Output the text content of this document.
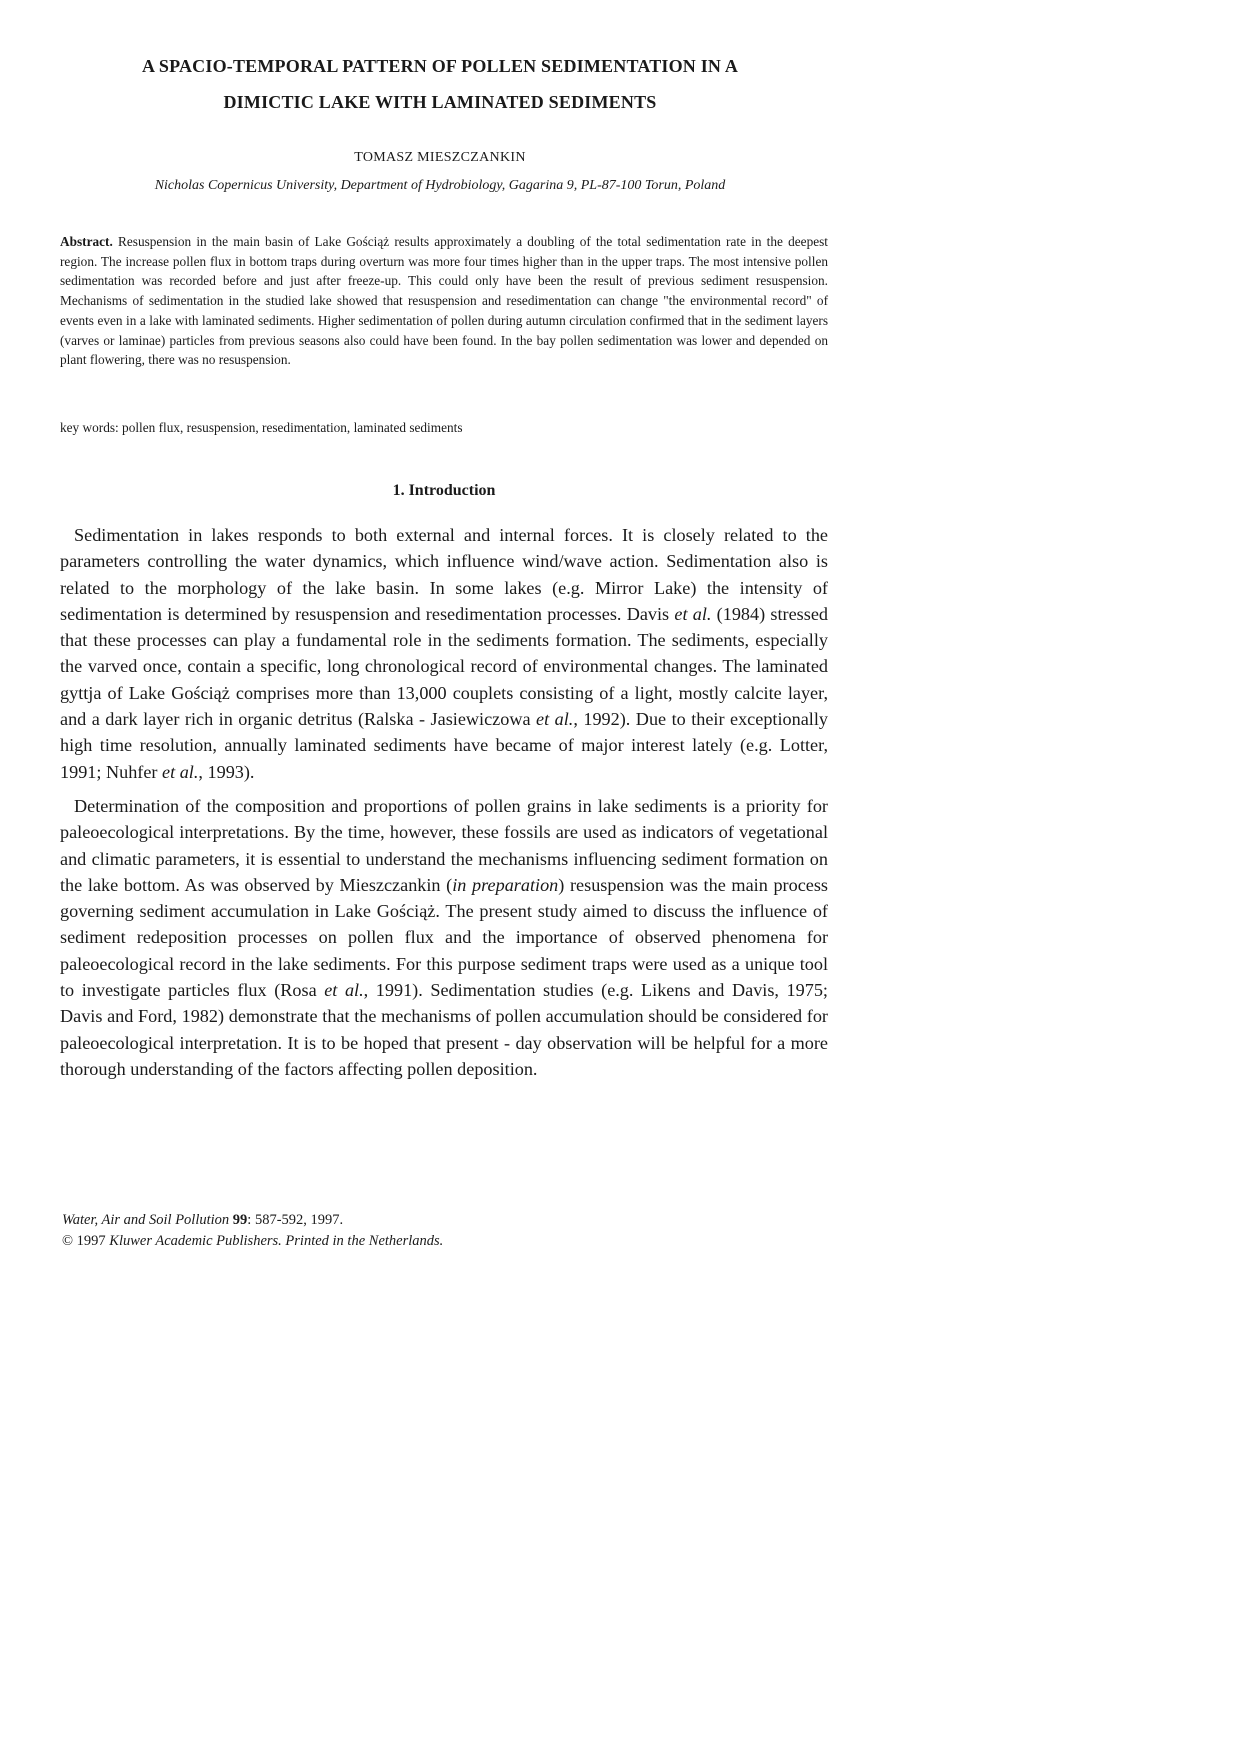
A SPACIO-TEMPORAL PATTERN OF POLLEN SEDIMENTATION IN A
DIMICTIC LAKE WITH LAMINATED SEDIMENTS
TOMASZ MIESZCZANKIN
Nicholas Copernicus University, Department of Hydrobiology, Gagarina 9, PL-87-100 Torun, Poland
Abstract. Resuspension in the main basin of Lake Gościąż results approximately a doubling of the total sedimentation rate in the deepest region. The increase pollen flux in bottom traps during overturn was more four times higher than in the upper traps. The most intensive pollen sedimentation was recorded before and just after freeze-up. This could only have been the result of previous sediment resuspension. Mechanisms of sedimentation in the studied lake showed that resuspension and resedimentation can change "the environmental record" of events even in a lake with laminated sediments. Higher sedimentation of pollen during autumn circulation confirmed that in the sediment layers (varves or laminae) particles from previous seasons also could have been found. In the bay pollen sedimentation was lower and depended on plant flowering, there was no resuspension.
key words: pollen flux, resuspension, resedimentation, laminated sediments
1. Introduction

Sedimentation in lakes responds to both external and internal forces. It is closely related to the parameters controlling the water dynamics, which influence wind/wave action. Sedimentation also is related to the morphology of the lake basin. In some lakes (e.g. Mirror Lake) the intensity of sedimentation is determined by resuspension and resedimentation processes. Davis et al. (1984) stressed that these processes can play a fundamental role in the sediments formation. The sediments, especially the varved once, contain a specific, long chronological record of environmental changes. The laminated gyttja of Lake Gościąż comprises more than 13,000 couplets consisting of a light, mostly calcite layer, and a dark layer rich in organic detritus (Ralska - Jasiewiczowa et al., 1992). Due to their exceptionally high time resolution, annually laminated sediments have became of major interest lately (e.g. Lotter, 1991; Nuhfer et al., 1993).

Determination of the composition and proportions of pollen grains in lake sediments is a priority for paleoecological interpretations. By the time, however, these fossils are used as indicators of vegetational and climatic parameters, it is essential to understand the mechanisms influencing sediment formation on the lake bottom. As was observed by Mieszczankin (in preparation) resuspension was the main process governing sediment accumulation in Lake Gościąż. The present study aimed to discuss the influence of sediment redeposition processes on pollen flux and the importance of observed phenomena for paleoecological record in the lake sediments. For this purpose sediment traps were used as a unique tool to investigate particles flux (Rosa et al., 1991). Sedimentation studies (e.g. Likens and Davis, 1975; Davis and Ford, 1982) demonstrate that the mechanisms of pollen accumulation should be considered for paleoecological interpretation. It is to be hoped that present - day observation will be helpful for a more thorough understanding of the factors affecting pollen deposition.

Water, Air and Soil Pollution 99: 587-592, 1997.
© 1997 Kluwer Academic Publishers. Printed in the Netherlands.
